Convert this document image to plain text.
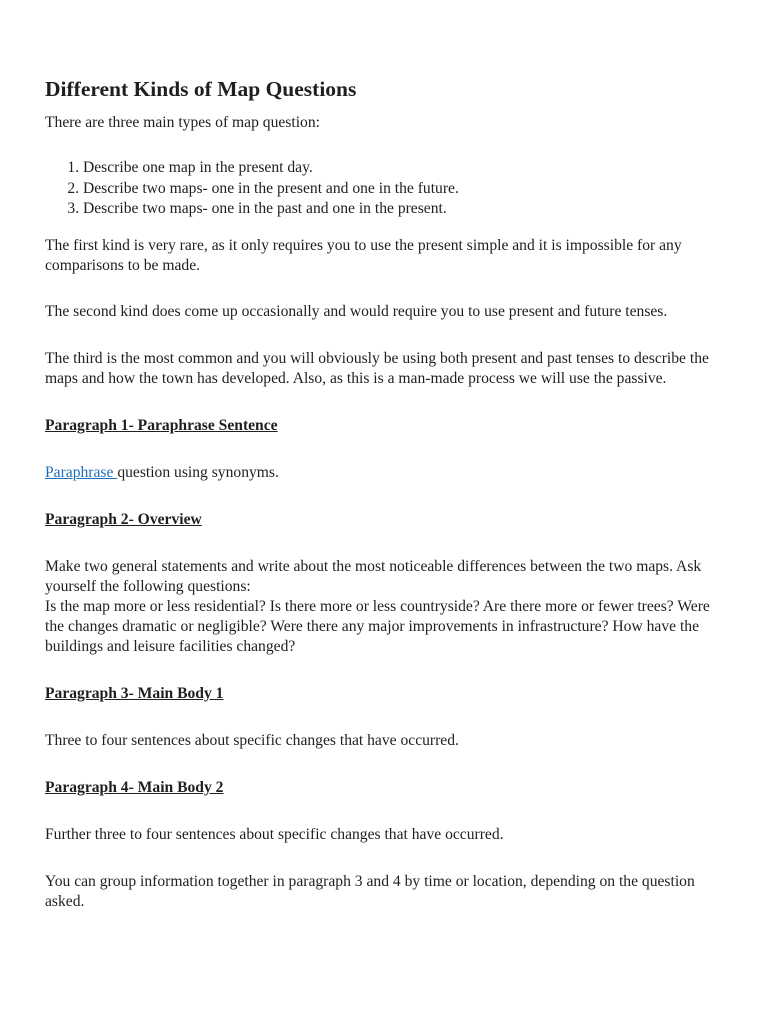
Different Kinds of Map Questions

There are three main types of map question:

1. Describe one map in the present day.
2. Describe two maps- one in the present and one in the future.
3. Describe two maps- one in the past and one in the present.

The first kind is very rare, as it only requires you to use the present simple and it is impossible for any comparisons to be made.

The second kind does come up occasionally and would require you to use present and future tenses.

The third is the most common and you will obviously be using both present and past tenses to describe the maps and how the town has developed. Also, as this is a man-made process we will use the passive.

Paragraph 1- Paraphrase Sentence

Paraphrase question using synonyms.

Paragraph 2- Overview

Make two general statements and write about the most noticeable differences between the two maps. Ask yourself the following questions:
Is the map more or less residential? Is there more or less countryside? Are there more or fewer trees? Were the changes dramatic or negligible? Were there any major improvements in infrastructure? How have the buildings and leisure facilities changed?

Paragraph 3- Main Body 1

Three to four sentences about specific changes that have occurred.

Paragraph 4- Main Body 2

Further three to four sentences about specific changes that have occurred.

You can group information together in paragraph 3 and 4 by time or location, depending on the question asked.
